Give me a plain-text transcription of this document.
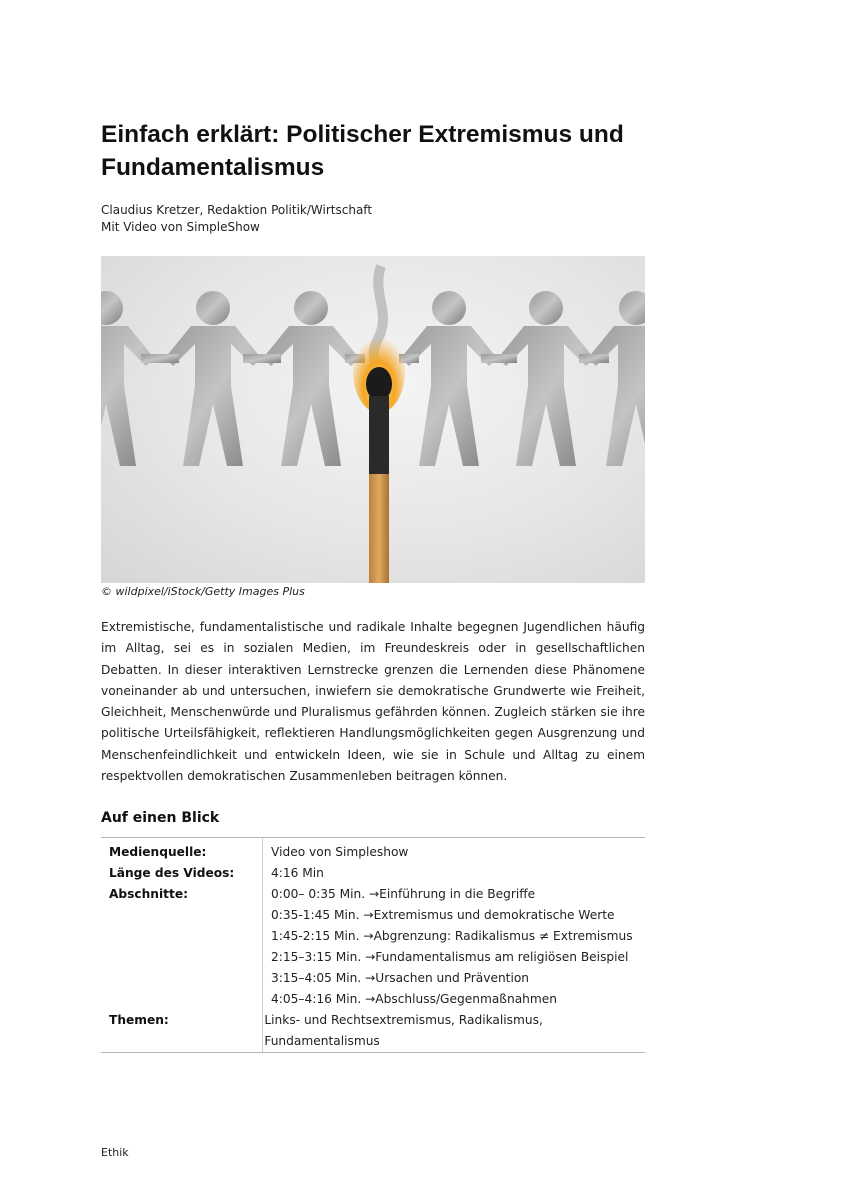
Einfach erklärt: Politischer Extremismus und Fundamentalismus
Claudius Kretzer, Redaktion Politik/Wirtschaft
Mit Video von SimpleShow
© wildpixel/iStock/Getty Images Plus

Extremistische, fundamentalistische und radikale Inhalte begegnen Jugendlichen häufig im Alltag, sei es in sozialen Medien, im Freundeskreis oder in gesellschaftlichen Debatten. In dieser interaktiven Lernstrecke grenzen die Lernenden diese Phänomene voneinander ab und untersuchen, inwiefern sie demokratische Grundwerte wie Freiheit, Gleichheit, Menschenwürde und Pluralismus gefährden können. Zugleich stärken sie ihre politische Urteilsfähigkeit, reflektieren Handlungsmöglichkeiten gegen Ausgrenzung und Menschenfeindlichkeit und entwickeln Ideen, wie sie in Schule und Alltag zu einem respektvollen demokratischen Zusammenleben beitragen können.

Auf einen Blick
Medienquelle:	Video von Simpleshow
Länge des Videos:	4:16 Min
Abschnitte:	0:00– 0:35 Min. →Einführung in die Begriffe
0:35-1:45 Min. →Extremismus und demokratische Werte
1:45-2:15 Min. →Abgrenzung: Radikalismus ≠ Extremismus
2:15–3:15 Min. →Fundamentalismus am religiösen Beispiel
3:15–4:05 Min. →Ursachen und Prävention
4:05–4:16 Min. →Abschluss/Gegenmaßnahmen
Themen:	Links- und Rechtsextremismus, Radikalismus, Fundamentalismus
Ethik
